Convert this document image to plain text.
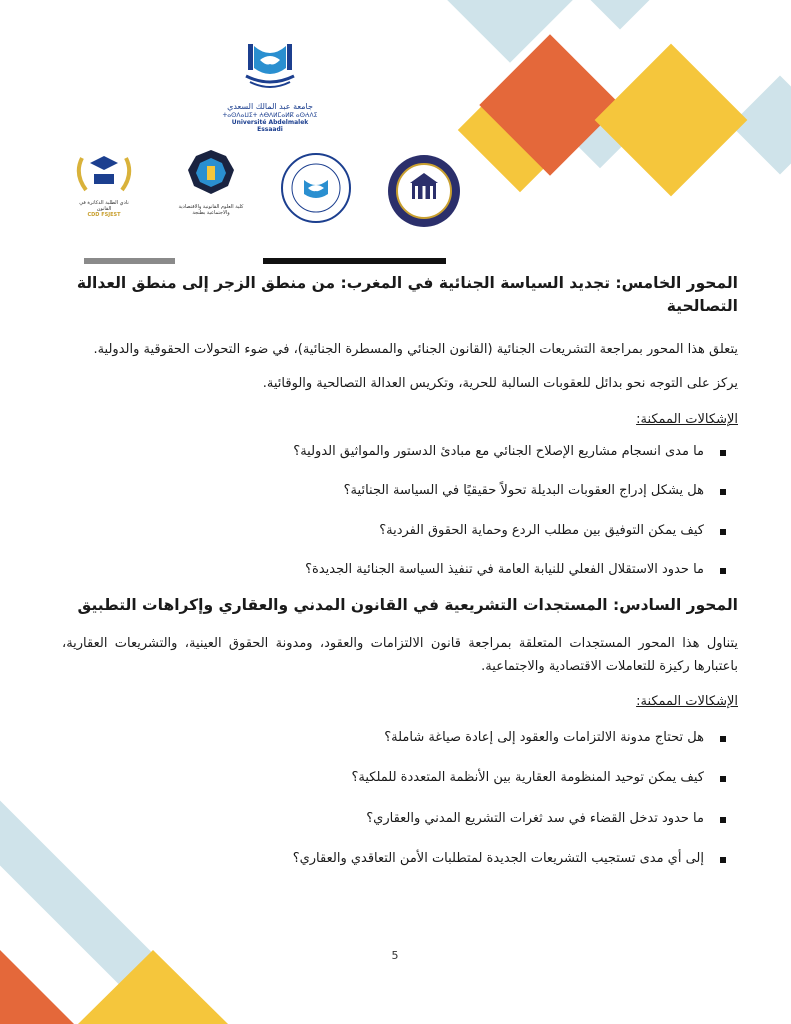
جامعة عبد المالك السعدي
ⵜⴰⵙⴷⴰⵡⵉⵜ ⵄⴱⴷⵍⵎⴰⵍⴽ ⴰⵙⵄⴷⵉ
Université Abdelmalek Essaadi
نادي الطلبة الدكاترة في القانون
CDD FSJEST
كلية العلوم القانونية والاقتصادية والاجتماعية بطنجة
المحور الخامس: تجديد السياسة الجنائية في المغرب: من منطق الزجر إلى منطق العدالة التصالحية

يتعلق هذا المحور بمراجعة التشريعات الجنائية (القانون الجنائي والمسطرة الجنائية)، في ضوء التحولات الحقوقية والدولية.

يركز على التوجه نحو بدائل للعقوبات السالبة للحرية، وتكريس العدالة التصالحية والوقائية.

الإشكالات الممكنة:

ما مدى انسجام مشاريع الإصلاح الجنائي مع مبادئ الدستور والمواثيق الدولية؟
هل يشكل إدراج العقوبات البديلة تحولاً حقيقيًا في السياسة الجنائية؟
كيف يمكن التوفيق بين مطلب الردع وحماية الحقوق الفردية؟
ما حدود الاستقلال الفعلي للنيابة العامة في تنفيذ السياسة الجنائية الجديدة؟
المحور السادس: المستجدات التشريعية في القانون المدني والعقاري وإكراهات التطبيق

يتناول هذا المحور المستجدات المتعلقة بمراجعة قانون الالتزامات والعقود، ومدونة الحقوق العينية، والتشريعات العقارية، باعتبارها ركيزة للتعاملات الاقتصادية والاجتماعية.

الإشكالات الممكنة:

هل تحتاج مدونة الالتزامات والعقود إلى إعادة صياغة شاملة؟
كيف يمكن توحيد المنظومة العقارية بين الأنظمة المتعددة للملكية؟
ما حدود تدخل القضاء في سد ثغرات التشريع المدني والعقاري؟
إلى أي مدى تستجيب التشريعات الجديدة لمتطلبات الأمن التعاقدي والعقاري؟
5
